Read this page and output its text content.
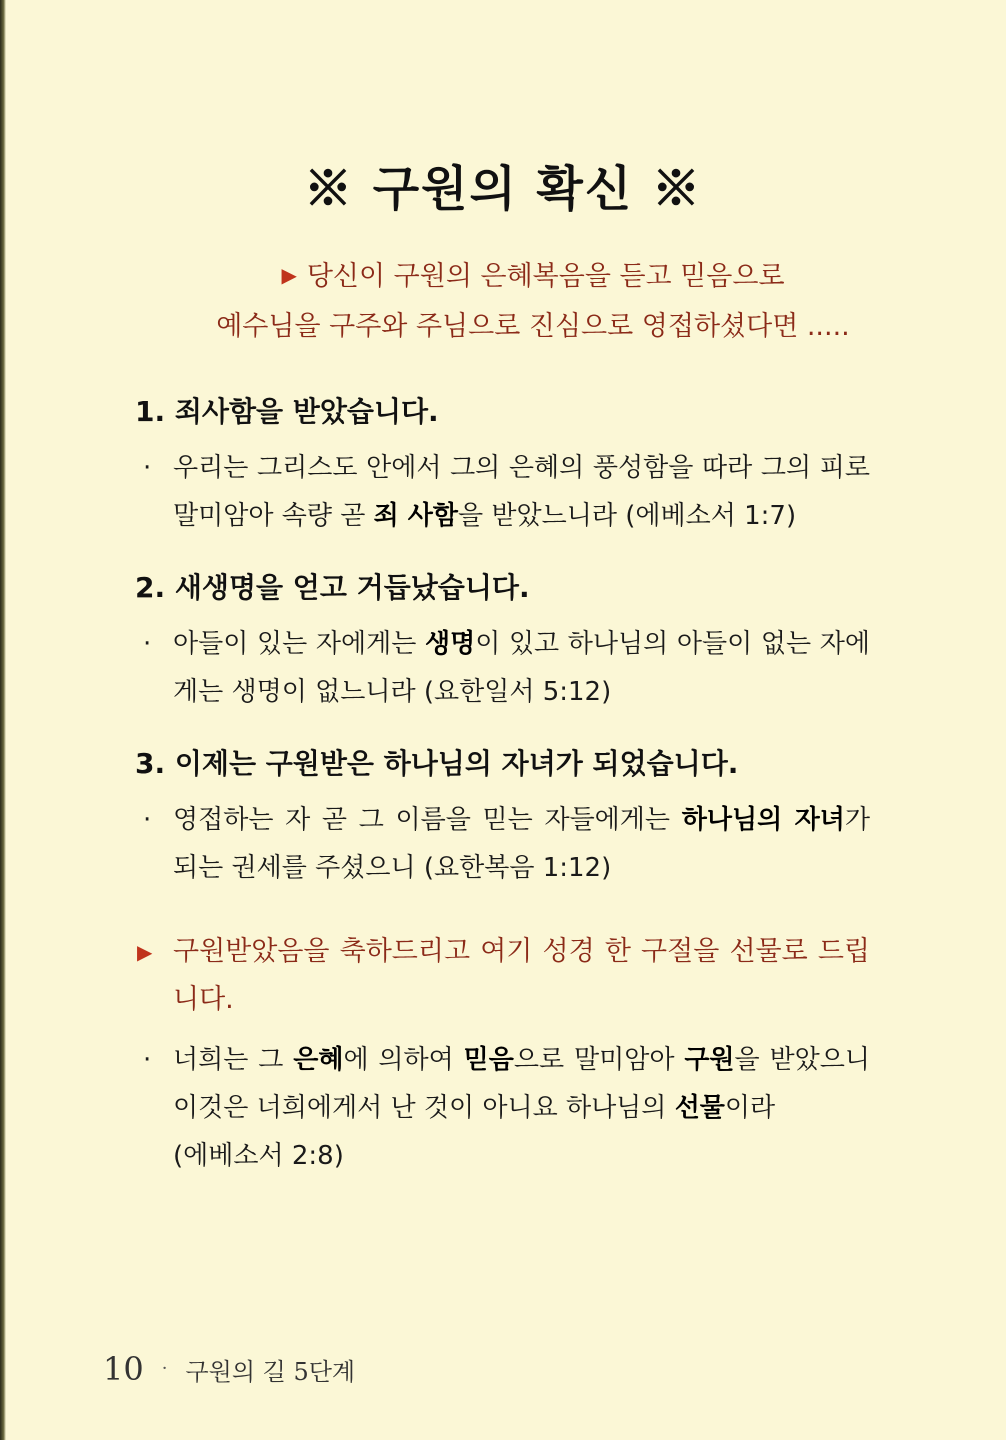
※ 구원의 확신 ※
▶ 당신이 구원의 은혜복음을 듣고 믿음으로
예수님을 구주와 주님으로 진심으로 영접하셨다면 .....
1. 죄사함을 받았습니다.
· 우리는 그리스도 안에서 그의 은혜의 풍성함을 따라 그의 피로 말미암아 속량 곧 죄 사함을 받았느니라 (에베소서 1:7)
2. 새생명을 얻고 거듭났습니다.
· 아들이 있는 자에게는 생명이 있고 하나님의 아들이 없는 자에게는 생명이 없느니라 (요한일서 5:12)
3. 이제는 구원받은 하나님의 자녀가 되었습니다.
· 영접하는 자 곧 그 이름을 믿는 자들에게는 하나님의 자녀가 되는 권세를 주셨으니 (요한복음 1:12)
▶ 구원받았음을 축하드리고 여기 성경 한 구절을 선물로 드립니다.
· 너희는 그 은혜에 의하여 믿음으로 말미암아 구원을 받았으니 이것은 너희에게서 난 것이 아니요 하나님의 선물이라
(에베소서 2:8)
10 · 구원의 길 5단계
